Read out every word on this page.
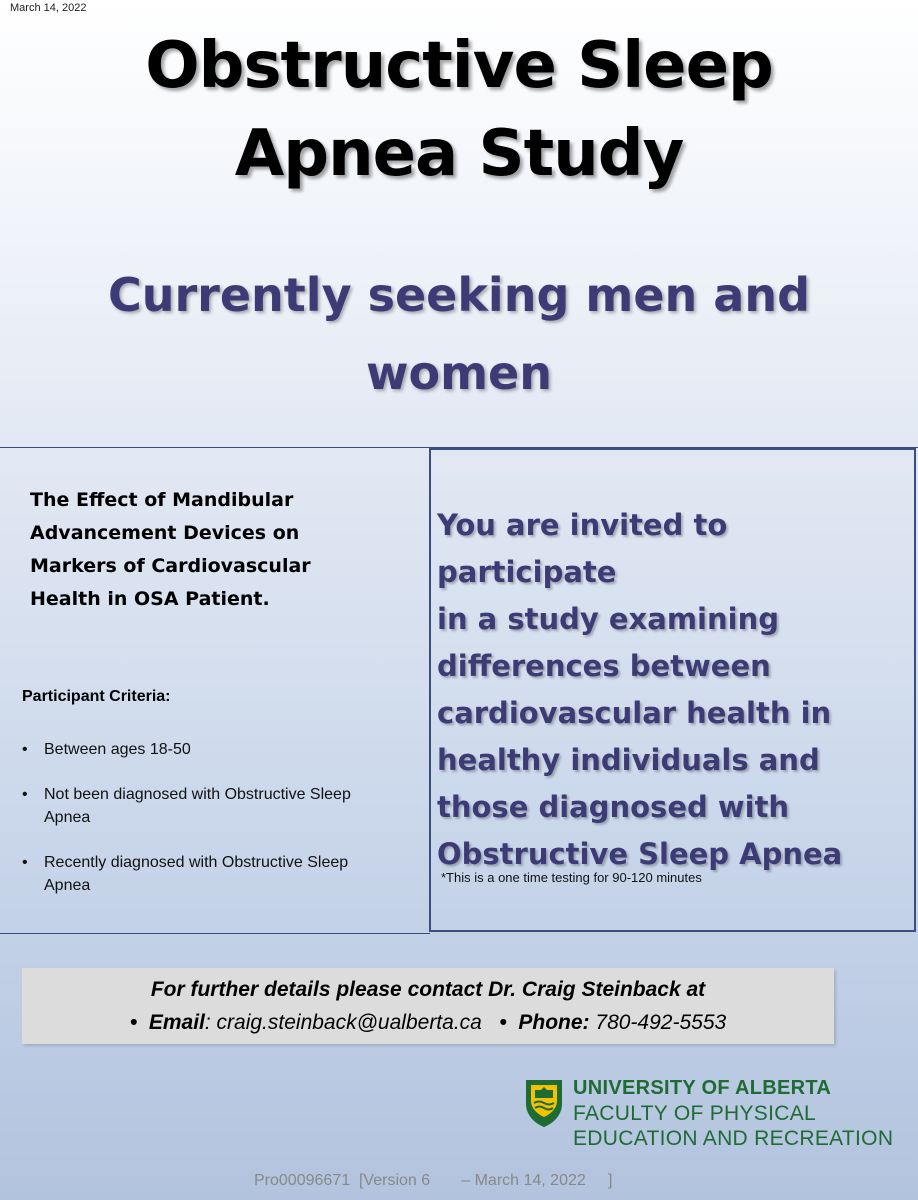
March 14, 2022
Obstructive Sleep
Apnea Study
Currently seeking men and
women
The Effect of Mandibular
Advancement Devices on
Markers of Cardiovascular
Health in OSA Patient.
Participant Criteria:
• Between ages 18-50
• Not been diagnosed with Obstructive Sleep
Apnea
• Recently diagnosed with Obstructive Sleep
Apnea
You are invited to participate
in a study examining
differences between
cardiovascular health in
healthy individuals and
those diagnosed with
Obstructive Sleep Apnea
*This is a one time testing for 90-120 minutes
For further details please contact Dr. Craig Steinback at
• Email: craig.steinback@ualberta.ca • Phone: 780-492-5553
UNIVERSITY OF ALBERTA
FACULTY OF PHYSICAL
EDUCATION AND RECREATION
Pro00096671  [Version 6       – March 14, 2022     ]
